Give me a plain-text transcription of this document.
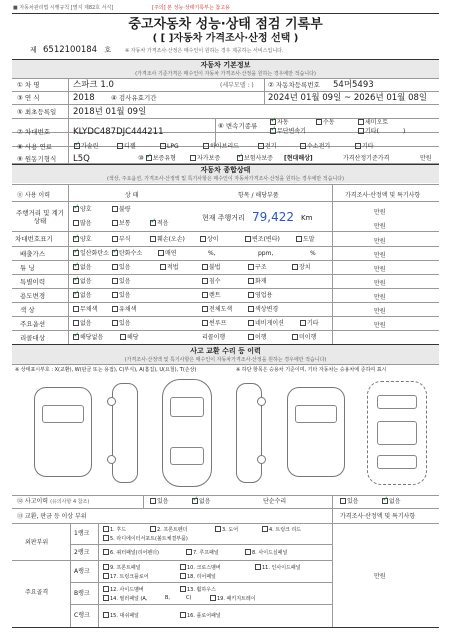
■ 자동차관리법 시행규칙 [별지 제82호 서식]	[주의] 본 성능·상태기록부는 참고용
중고자동차 성능·상태 점검 기록부
( [ ]자동차 가격조사·산정 선택 )
제 6512100184 호	※ 자동차 가격조사·산정은 매수인이 원하는 경우 제공하는 서비스입니다.
자동차 기본정보
(가격조사 기준가격은 매수인이 자동차 가격조사·산정을 원하는 경우에만 적습니다)
① 차 명	스파크 1.0	(세부모델 : ) ② 자동차등록번호 54머5493
③ 연 식	2018	④ 검사유효기간	2024년 01월 09일 ~ 2026년 01월 08일
⑤ 최초등록일 2018년 01월 09일
⑥ 변속기종류 ✓	자동	수동	세미오토
✓무단변속기	기타(	)
⑦ 차대번호	KLYDC487DJC444211
⑧ 사용 연료 ✓	가솔린	디젤	LPG	하이브리드	전기	수소전기	기타
⑨ 원동기형식 L5Q	⑩ ✓ 보증유형	자가보증 ✓	보험사보증 [현대해상]	가격산정기준가격	만원
자동차 종합상태
(색상, 주요옵션, 가격조사·산정액 및 특기사항은 매수인이 자동차가격조사·산정을 원하는 경우에만 적습니다)
⑪ 사용 이력	상 태	항목 / 해당부품	가격조사·산정액 및 특기사항
주행거리 및 계기상태
✓양호	불량
많음	보통 ✓	적음
현재 주행거리 79,422 Km
만원
만원
차대번호표기 ✓	양호	부식	훼손(오손)	상이	변조(변타)	도말	만원
배출가스 ✓	일산화탄소 ✓	탄화수소	매연	%,	ppm,	%	만원
튜 닝 ✓	없음	있음	적법	불법	구조	장치	만원
특별이력 ✓	없음	있음	침수	화재	만원
용도변경 ✓	없음	있음	렌트	영업용	만원
색 상	무채색	유채색	전체도색	색상변경	만원
주요옵션	없음	있음	썬루프	네비게이션	기타	만원
리콜대상 ✓	해당없음	해당	리콜이행	이행	미이행
사고 교환 수리 등 이력
(가격조사·산정액 및 특기사항은 매수인이 자동차가격조사·산정을 원하는 경우에만 적습니다)
※ 상태표시부호 : X(교환), W(판금 또는 용접), C(부식), A(흠집), U(요철), T(손상)	※ 하단 항목은 승용차 기준이며, 기타 자동차는 승용차에 준하여 표시
⑫ 사고이력 (유의사항 4 참조)	있음 ✓	없음	단순수리	있음 ✓	없음
⑬ 교환, 판금 등 이상 부위	가격조사·산정액 및 특기사항
외판부위
주요골격
만원
1랭크	1. 후드	2. 프론트펜더	3. 도어	4. 트렁크 리드
5. 라디에이터서포트(볼트체결부품)
2랭크	6. 쿼터패널(리어펜더)	7. 루프패널	8. 사이드실패널
A랭크	9. 프론트패널	10. 크로스멤버	11. 인사이드패널
17. 트렁크플로어	18. 리어패널
B랭크	12. 사이드멤버	13. 휠하우스
14. 필러패널 (A,	B,	C)	19. 패키지트레이
C랭크	15. 대쉬패널	16. 플로어패널
